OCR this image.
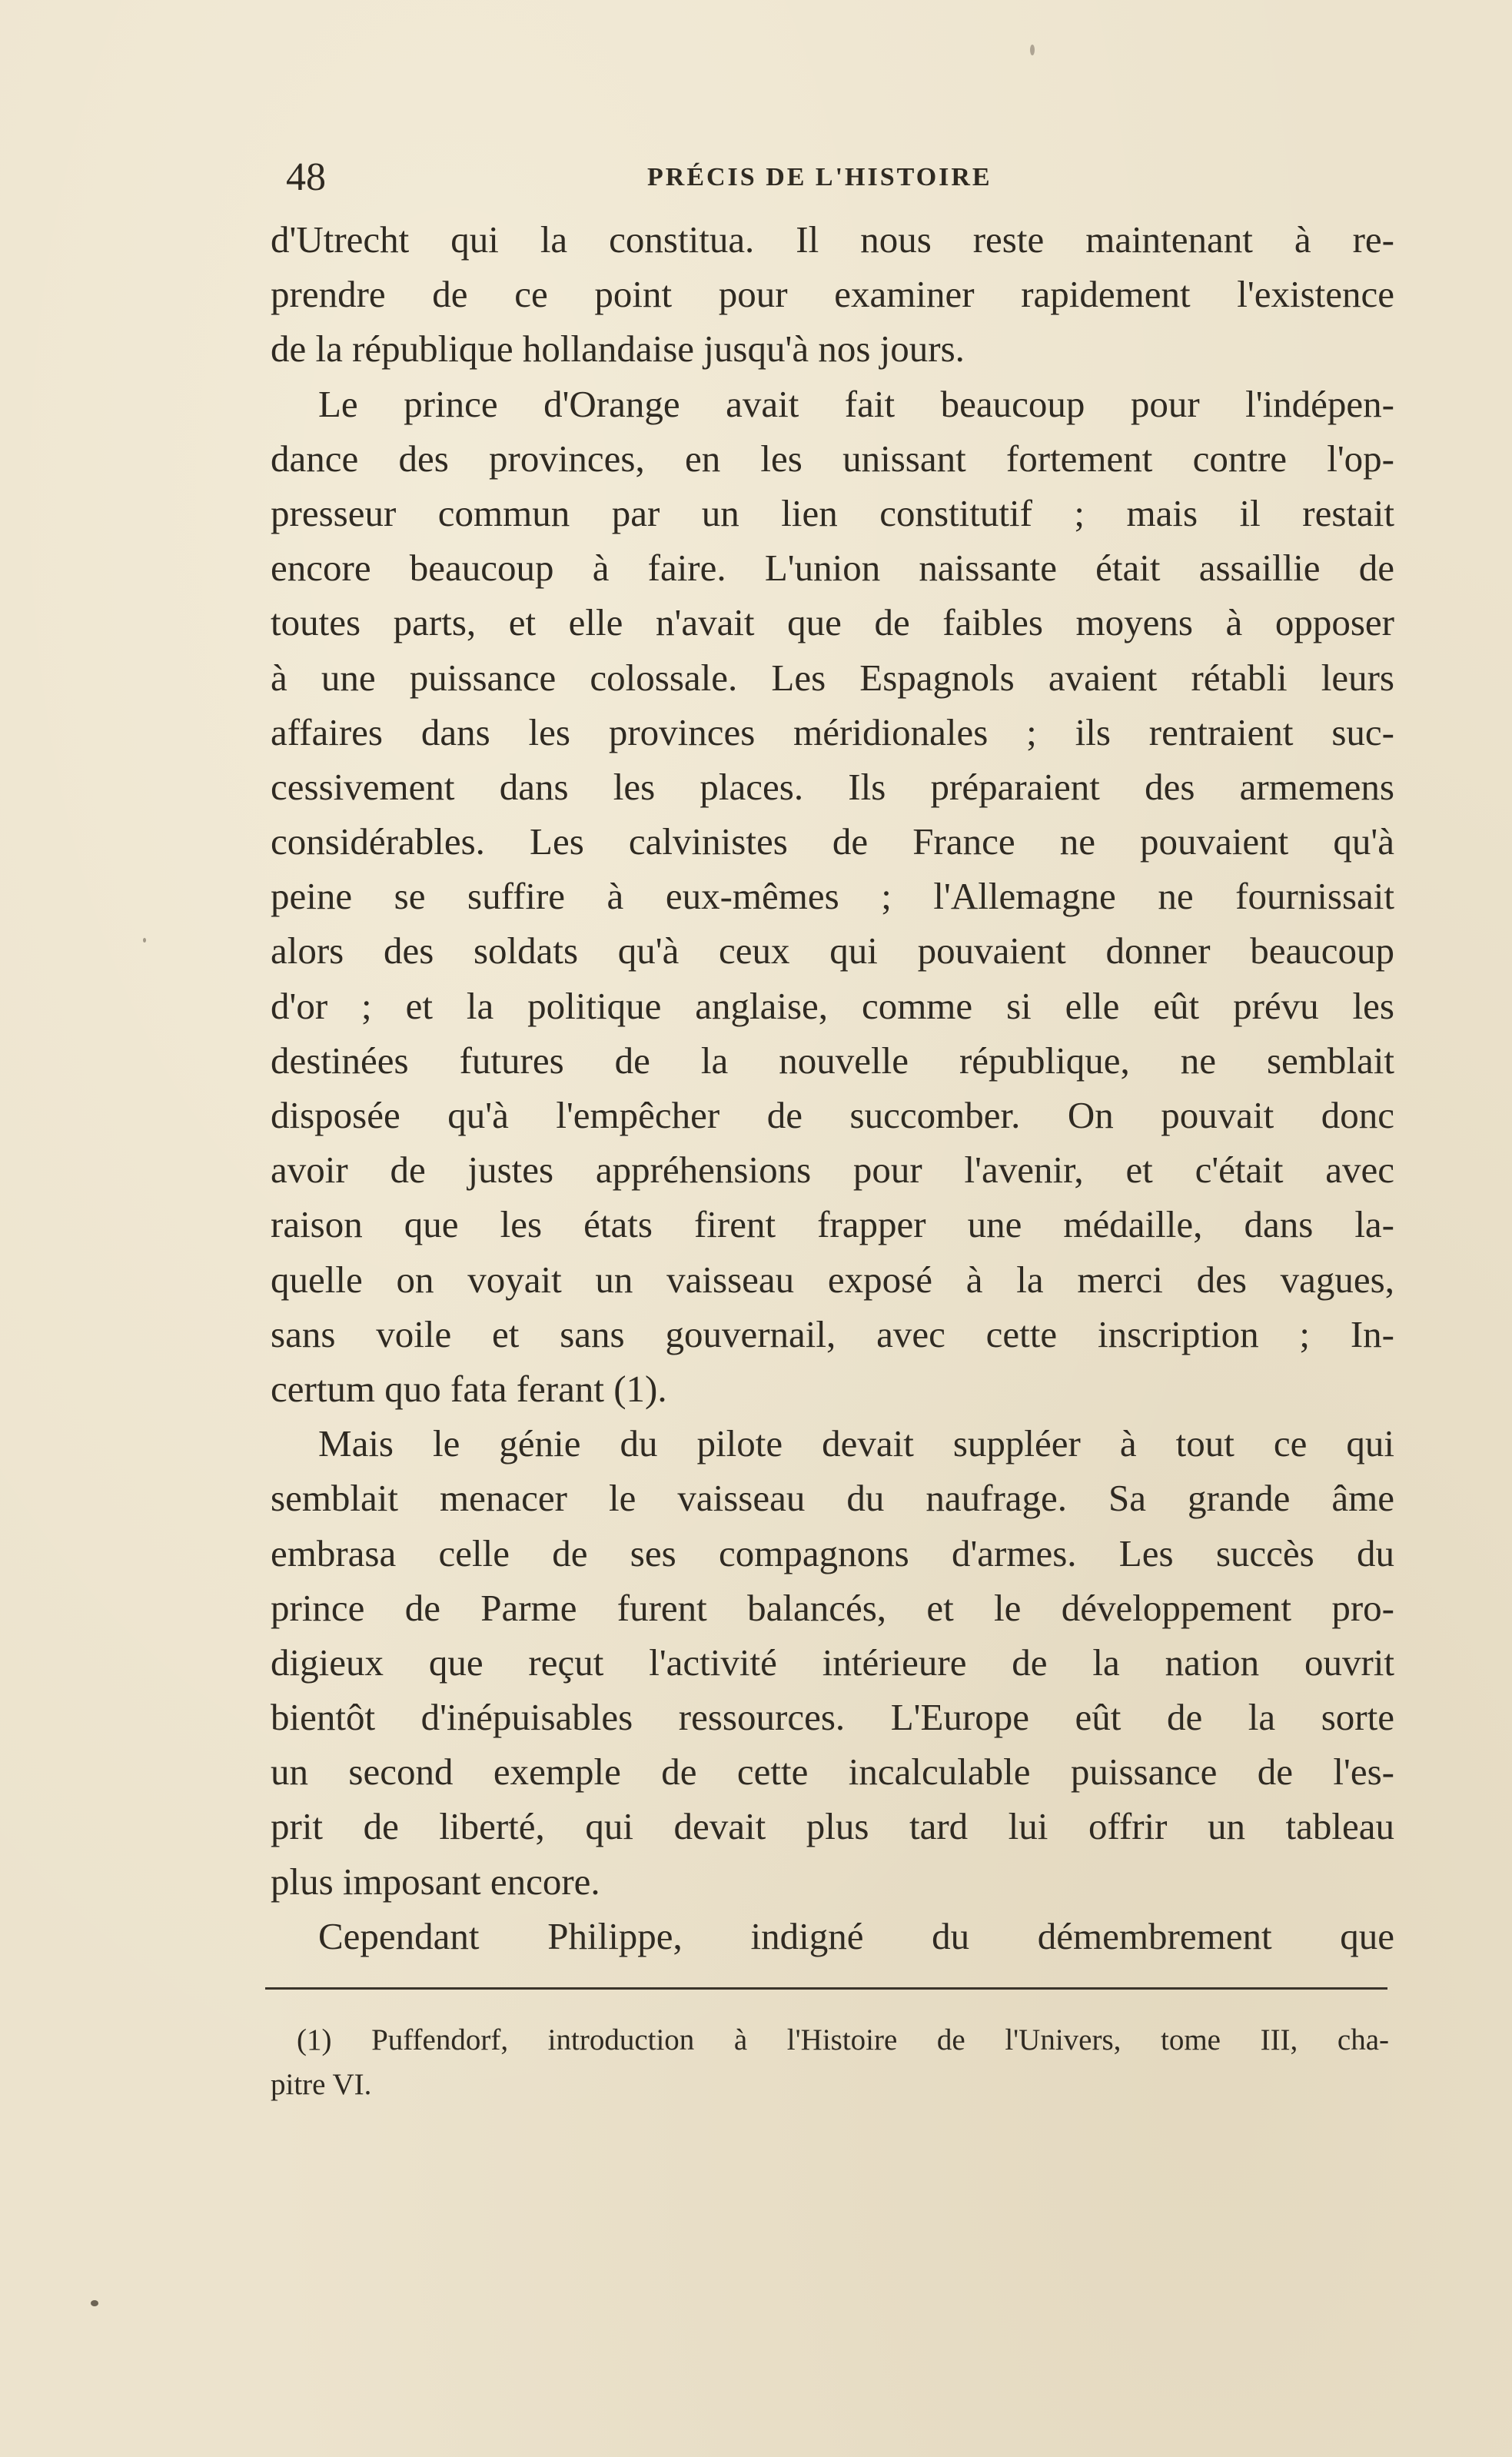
48	PRÉCIS DE L'HISTOIRE
d'Utrecht qui la constitua. Il nous reste maintenant à re-
prendre de ce point pour examiner rapidement l'existence
de la république hollandaise jusqu'à nos jours.
Le prince d'Orange avait fait beaucoup pour l'indépen-
dance des provinces, en les unissant fortement contre l'op-
presseur commun par un lien constitutif ; mais il restait
encore beaucoup à faire. L'union naissante était assaillie de
toutes parts, et elle n'avait que de faibles moyens à opposer
à une puissance colossale. Les Espagnols avaient rétabli leurs
affaires dans les provinces méridionales ; ils rentraient suc-
cessivement dans les places. Ils préparaient des armemens
considérables. Les calvinistes de France ne pouvaient qu'à
peine se suffire à eux-mêmes ; l'Allemagne ne fournissait
alors des soldats qu'à ceux qui pouvaient donner beaucoup
d'or ; et la politique anglaise, comme si elle eût prévu les
destinées futures de la nouvelle république, ne semblait
disposée qu'à l'empêcher de succomber. On pouvait donc
avoir de justes appréhensions pour l'avenir, et c'était avec
raison que les états firent frapper une médaille, dans la-
quelle on voyait un vaisseau exposé à la merci des vagues,
sans voile et sans gouvernail, avec cette inscription ; In-
certum quo fata ferant (1).
Mais le génie du pilote devait suppléer à tout ce qui
semblait menacer le vaisseau du naufrage. Sa grande âme
embrasa celle de ses compagnons d'armes. Les succès du
prince de Parme furent balancés, et le développement pro-
digieux que reçut l'activité intérieure de la nation ouvrit
bientôt d'inépuisables ressources. L'Europe eût de la sorte
un second exemple de cette incalculable puissance de l'es-
prit de liberté, qui devait plus tard lui offrir un tableau
plus imposant encore.
Cependant Philippe, indigné du démembrement que
(1) Puffendorf, introduction à l'Histoire de l'Univers, tome III, cha-
pitre VI.
